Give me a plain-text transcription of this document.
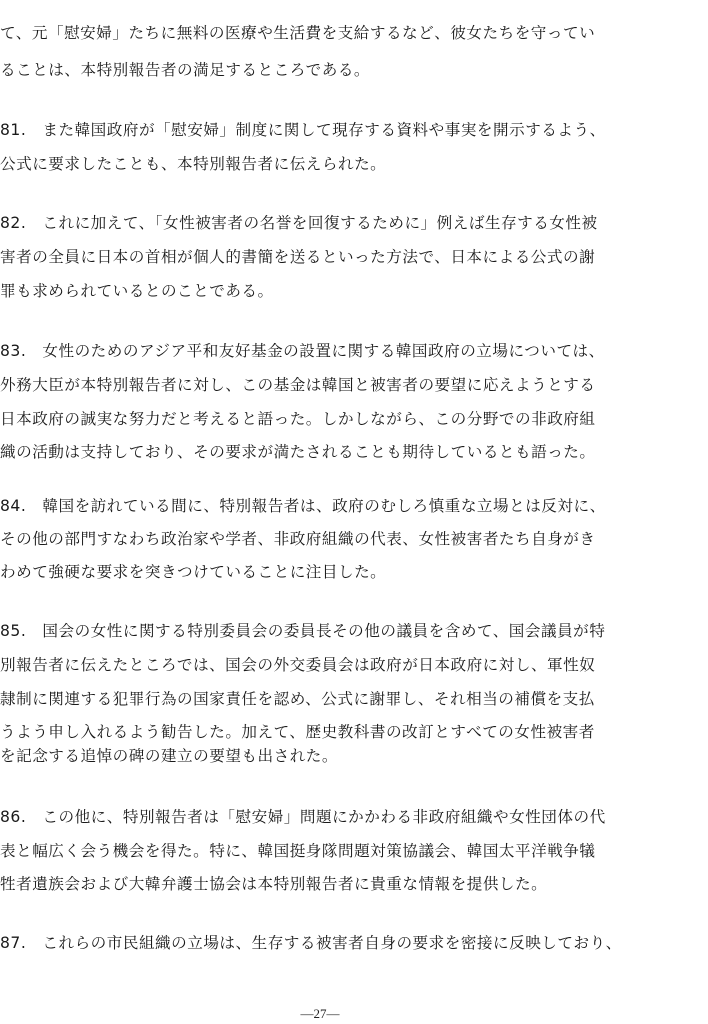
て、元「慰安婦」たちに無料の医療や生活費を支給するなど、彼女たちを守ってい
ることは、本特別報告者の満足するところである。
81.　また韓国政府が「慰安婦」制度に関して現存する資料や事実を開示するよう、
公式に要求したことも、本特別報告者に伝えられた。
82.　これに加えて、「女性被害者の名誉を回復するために」例えば生存する女性被
害者の全員に日本の首相が個人的書簡を送るといった方法で、日本による公式の謝
罪も求められているとのことである。
83.　女性のためのアジア平和友好基金の設置に関する韓国政府の立場については、
外務大臣が本特別報告者に対し、この基金は韓国と被害者の要望に応えようとする
日本政府の誠実な努力だと考えると語った。しかしながら、この分野での非政府組
織の活動は支持しており、その要求が満たされることも期待しているとも語った。
84.　韓国を訪れている間に、特別報告者は、政府のむしろ慎重な立場とは反対に、
その他の部門すなわち政治家や学者、非政府組織の代表、女性被害者たち自身がき
わめて強硬な要求を突きつけていることに注目した。
85.　国会の女性に関する特別委員会の委員長その他の議員を含めて、国会議員が特
別報告者に伝えたところでは、国会の外交委員会は政府が日本政府に対し、軍性奴
隷制に関連する犯罪行為の国家責任を認め、公式に謝罪し、それ相当の補償を支払
うよう申し入れるよう勧告した。加えて、歴史教科書の改訂とすべての女性被害者
を記念する追悼の碑の建立の要望も出された。
86.　この他に、特別報告者は「慰安婦」問題にかかわる非政府組織や女性団体の代
表と幅広く会う機会を得た。特に、韓国挺身隊問題対策協議会、韓国太平洋戦争犠
牲者遺族会および大韓弁護士協会は本特別報告者に貴重な情報を提供した。
87.　これらの市民組織の立場は、生存する被害者自身の要求を密接に反映しており、
—27—
